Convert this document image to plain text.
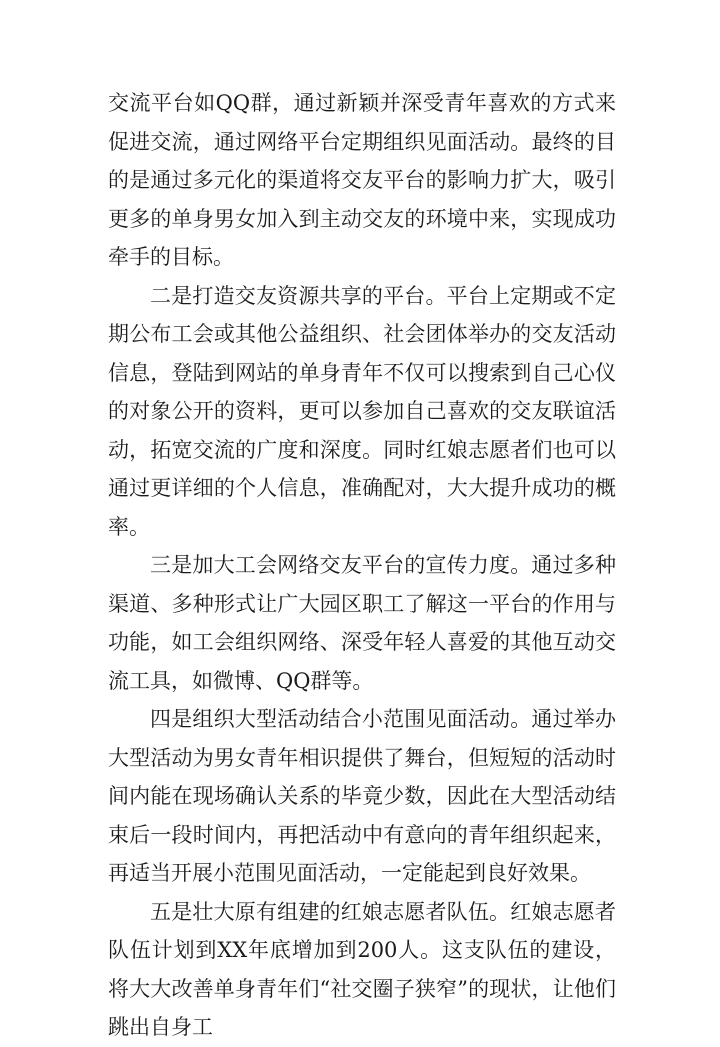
交流平台如QQ群，通过新颖并深受青年喜欢的方式来促进交流，通过网络平台定期组织见面活动。最终的目的是通过多元化的渠道将交友平台的影响力扩大，吸引更多的单身男女加入到主动交友的环境中来，实现成功牵手的目标。

二是打造交友资源共享的平台。平台上定期或不定期公布工会或其他公益组织、社会团体举办的交友活动信息，登陆到网站的单身青年不仅可以搜索到自己心仪的对象公开的资料，更可以参加自己喜欢的交友联谊活动，拓宽交流的广度和深度。同时红娘志愿者们也可以通过更详细的个人信息，准确配对，大大提升成功的概率。

三是加大工会网络交友平台的宣传力度。通过多种渠道、多种形式让广大园区职工了解这一平台的作用与功能，如工会组织网络、深受年轻人喜爱的其他互动交流工具，如微博、QQ群等。

四是组织大型活动结合小范围见面活动。通过举办大型活动为男女青年相识提供了舞台，但短短的活动时间内能在现场确认关系的毕竟少数，因此在大型活动结束后一段时间内，再把活动中有意向的青年组织起来，再适当开展小范围见面活动，一定能起到良好效果。

五是壮大原有组建的红娘志愿者队伍。红娘志愿者队伍计划到XX年底增加到200人。这支队伍的建设，将大大改善单身青年们“社交圈子狭窄”的现状，让他们跳出自身工
